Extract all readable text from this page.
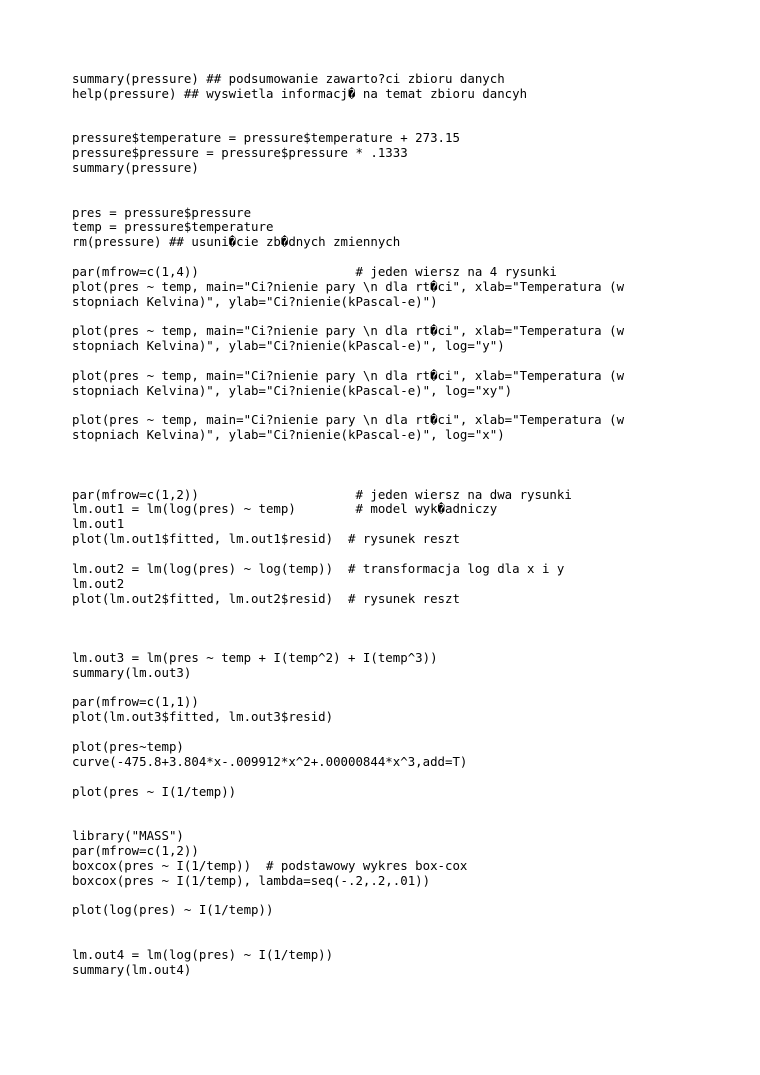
summary(pressure) ## podsumowanie zawarto?ci zbioru danych
help(pressure) ## wyswietla informacj� na temat zbioru dancyh
pressure$temperature = pressure$temperature + 273.15
pressure$pressure = pressure$pressure * .1333
summary(pressure)
pres = pressure$pressure
temp = pressure$temperature
rm(pressure) ## usuni�cie zb�dnych zmiennych
par(mfrow=c(1,4))                     # jeden wiersz na 4 rysunki
plot(pres ~ temp, main="Ci?nienie pary \n dla rt�ci", xlab="Temperatura (w
stopniach Kelvina)", ylab="Ci?nienie(kPascal-e)")
plot(pres ~ temp, main="Ci?nienie pary \n dla rt�ci", xlab="Temperatura (w
stopniach Kelvina)", ylab="Ci?nienie(kPascal-e)", log="y")
plot(pres ~ temp, main="Ci?nienie pary \n dla rt�ci", xlab="Temperatura (w
stopniach Kelvina)", ylab="Ci?nienie(kPascal-e)", log="xy")
plot(pres ~ temp, main="Ci?nienie pary \n dla rt�ci", xlab="Temperatura (w
stopniach Kelvina)", ylab="Ci?nienie(kPascal-e)", log="x")
par(mfrow=c(1,2))                     # jeden wiersz na dwa rysunki
lm.out1 = lm(log(pres) ~ temp)        # model wyk�adniczy
lm.out1
plot(lm.out1$fitted, lm.out1$resid)  # rysunek reszt
lm.out2 = lm(log(pres) ~ log(temp))  # transformacja log dla x i y
lm.out2
plot(lm.out2$fitted, lm.out2$resid)  # rysunek reszt
lm.out3 = lm(pres ~ temp + I(temp^2) + I(temp^3))
summary(lm.out3)
par(mfrow=c(1,1))
plot(lm.out3$fitted, lm.out3$resid)
plot(pres~temp)
curve(-475.8+3.804*x-.009912*x^2+.00000844*x^3,add=T)
plot(pres ~ I(1/temp))
library("MASS")
par(mfrow=c(1,2))
boxcox(pres ~ I(1/temp))  # podstawowy wykres box-cox
boxcox(pres ~ I(1/temp), lambda=seq(-.2,.2,.01))
plot(log(pres) ~ I(1/temp))
lm.out4 = lm(log(pres) ~ I(1/temp))
summary(lm.out4)
